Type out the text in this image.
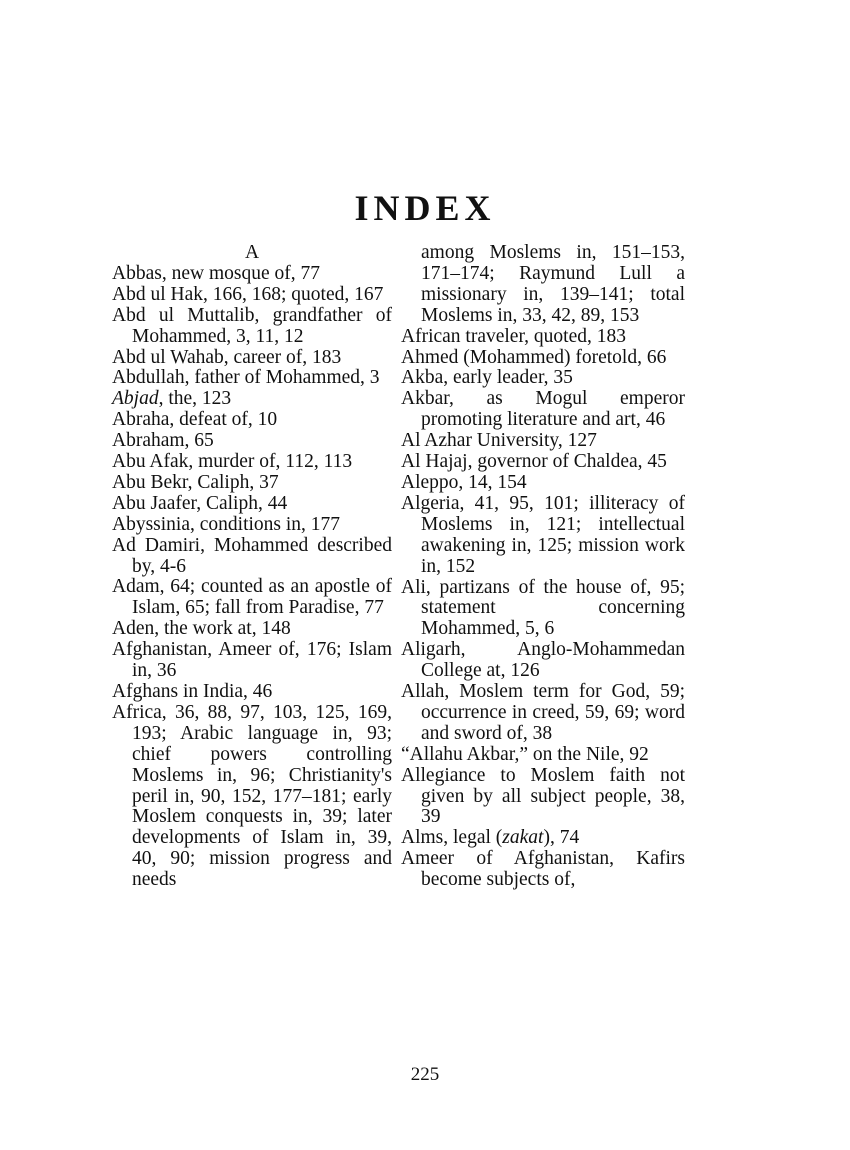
INDEX
A
Abbas, new mosque of, 77
Abd ul Hak, 166, 168; quoted, 167
Abd ul Muttalib, grandfather of Mohammed, 3, 11, 12
Abd ul Wahab, career of, 183
Abdullah, father of Mohammed, 3
Abjad, the, 123
Abraha, defeat of, 10
Abraham, 65
Abu Afak, murder of, 112, 113
Abu Bekr, Caliph, 37
Abu Jaafer, Caliph, 44
Abyssinia, conditions in, 177
Ad Damiri, Mohammed described by, 4-6
Adam, 64; counted as an apostle of Islam, 65; fall from Paradise, 77
Aden, the work at, 148
Afghanistan, Ameer of, 176; Islam in, 36
Afghans in India, 46
Africa, 36, 88, 97, 103, 125, 169, 193; Arabic language in, 93; chief powers controlling Moslems in, 96; Christianity's peril in, 90, 152, 177–181; early Moslem conquests in, 39; later developments of Islam in, 39, 40, 90; mission progress and needs
among Moslems in, 151–153, 171–174; Raymund Lull a missionary in, 139–141; total Moslems in, 33, 42, 89, 153
African traveler, quoted, 183
Ahmed (Mohammed) foretold, 66
Akba, early leader, 35
Akbar, as Mogul emperor promoting literature and art, 46
Al Azhar University, 127
Al Hajaj, governor of Chaldea, 45
Aleppo, 14, 154
Algeria, 41, 95, 101; illiteracy of Moslems in, 121; intellectual awakening in, 125; mission work in, 152
Ali, partizans of the house of, 95; statement concerning Mohammed, 5, 6
Aligarh, Anglo-Mohammedan College at, 126
Allah, Moslem term for God, 59; occurrence in creed, 59, 69; word and sword of, 38
“Allahu Akbar,” on the Nile, 92
Allegiance to Moslem faith not given by all subject people, 38, 39
Alms, legal (zakat), 74
Ameer of Afghanistan, Kafirs become subjects of,
225
